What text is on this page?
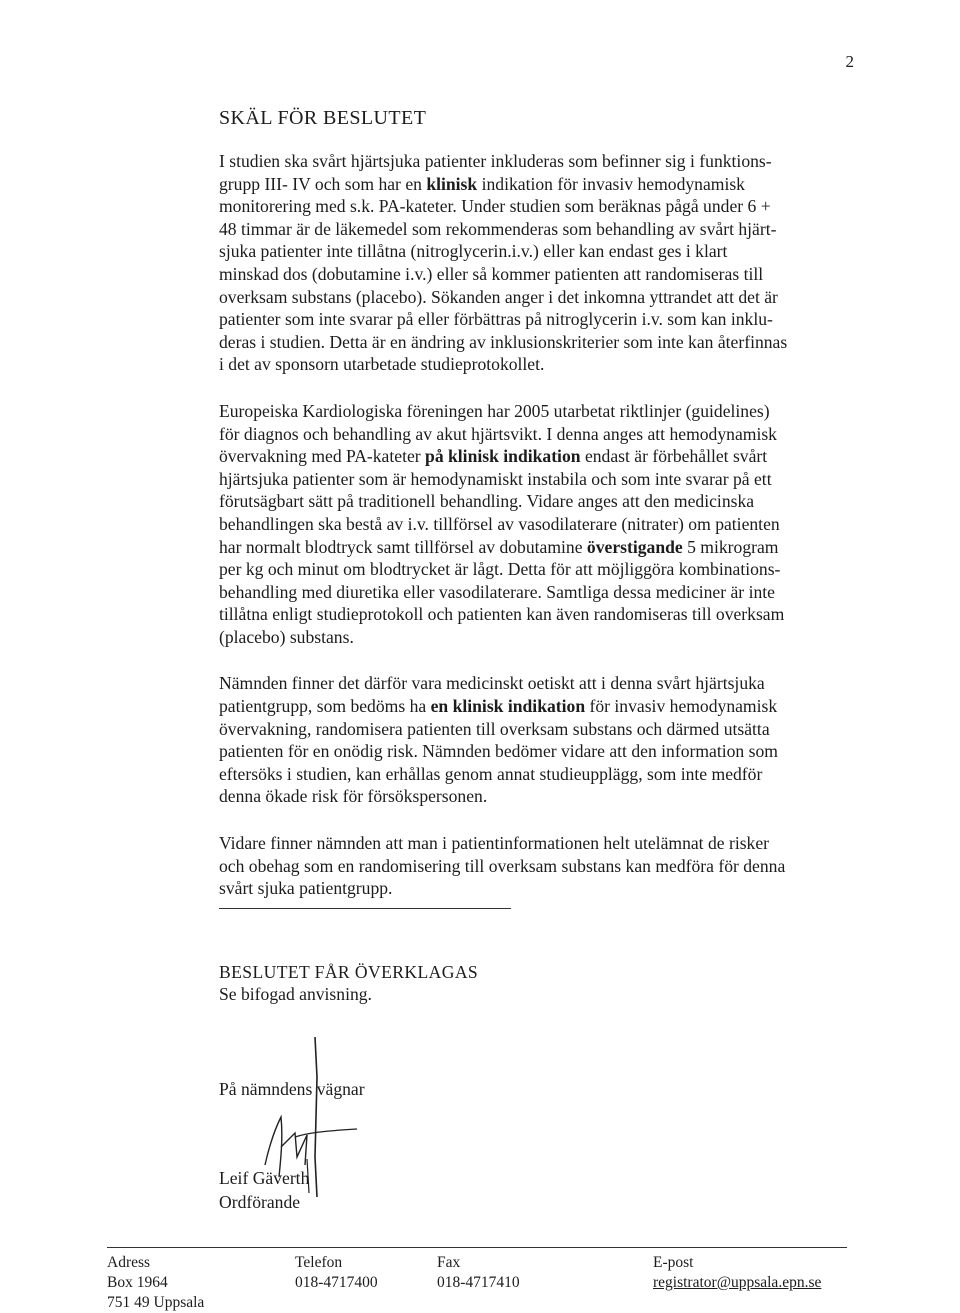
2
SKÄL FÖR BESLUTET
I studien ska svårt hjärtsjuka patienter inkluderas som befinner sig i funktions-
grupp III- IV och som har en klinisk indikation för invasiv hemodynamisk
monitorering med s.k. PA-kateter. Under studien som beräknas pågå under 6 +
48 timmar är de läkemedel som rekommenderas som behandling av svårt hjärt-
sjuka patienter inte tillåtna (nitroglycerin.i.v.) eller kan endast ges i klart
minskad dos (dobutamine i.v.) eller så kommer patienten att randomiseras till
overksam substans (placebo). Sökanden anger i det inkomna yttrandet att det är
patienter som inte svarar på eller förbättras på nitroglycerin i.v. som kan inklu-
deras i studien. Detta är en ändring av inklusionskriterier som inte kan återfinnas
i det av sponsorn utarbetade studieprotokollet.
Europeiska Kardiologiska föreningen har 2005 utarbetat riktlinjer (guidelines)
för diagnos och behandling av akut hjärtsvikt. I denna anges att hemodynamisk
övervakning med PA-kateter på klinisk indikation endast är förbehållet svårt
hjärtsjuka patienter som är hemodynamiskt instabila och som inte svarar på ett
förutsägbart sätt på traditionell behandling. Vidare anges att den medicinska
behandlingen ska bestå av i.v. tillförsel av vasodilaterare (nitrater) om patienten
har normalt blodtryck samt tillförsel av dobutamine överstigande 5 mikrogram
per kg och minut om blodtrycket är lågt. Detta för att möjliggöra kombinations-
behandling med diuretika eller vasodilaterare. Samtliga dessa mediciner är inte
tillåtna enligt studieprotokoll och patienten kan även randomiseras till overksam
(placebo) substans.
Nämnden finner det därför vara medicinskt oetiskt att i denna svårt hjärtsjuka
patientgrupp, som bedöms ha en klinisk indikation för invasiv hemodynamisk
övervakning, randomisera patienten till overksam substans och därmed utsätta
patienten för en onödig risk. Nämnden bedömer vidare att den information som
eftersöks i studien, kan erhållas genom annat studieupplägg, som inte medför
denna ökade risk för försökspersonen.
Vidare finner nämnden att man i patientinformationen helt utelämnat de risker
och obehag som en randomisering till overksam substans kan medföra för denna
svårt sjuka patientgrupp.
BESLUTET FÅR ÖVERKLAGAS
Se bifogad anvisning.
På nämndens vägnar
Leif Gäverth
Ordförande
Adress
Box 1964
751 49 Uppsala
Telefon
018-4717400
Fax
018-4717410
E-post
registrator@uppsala.epn.se
